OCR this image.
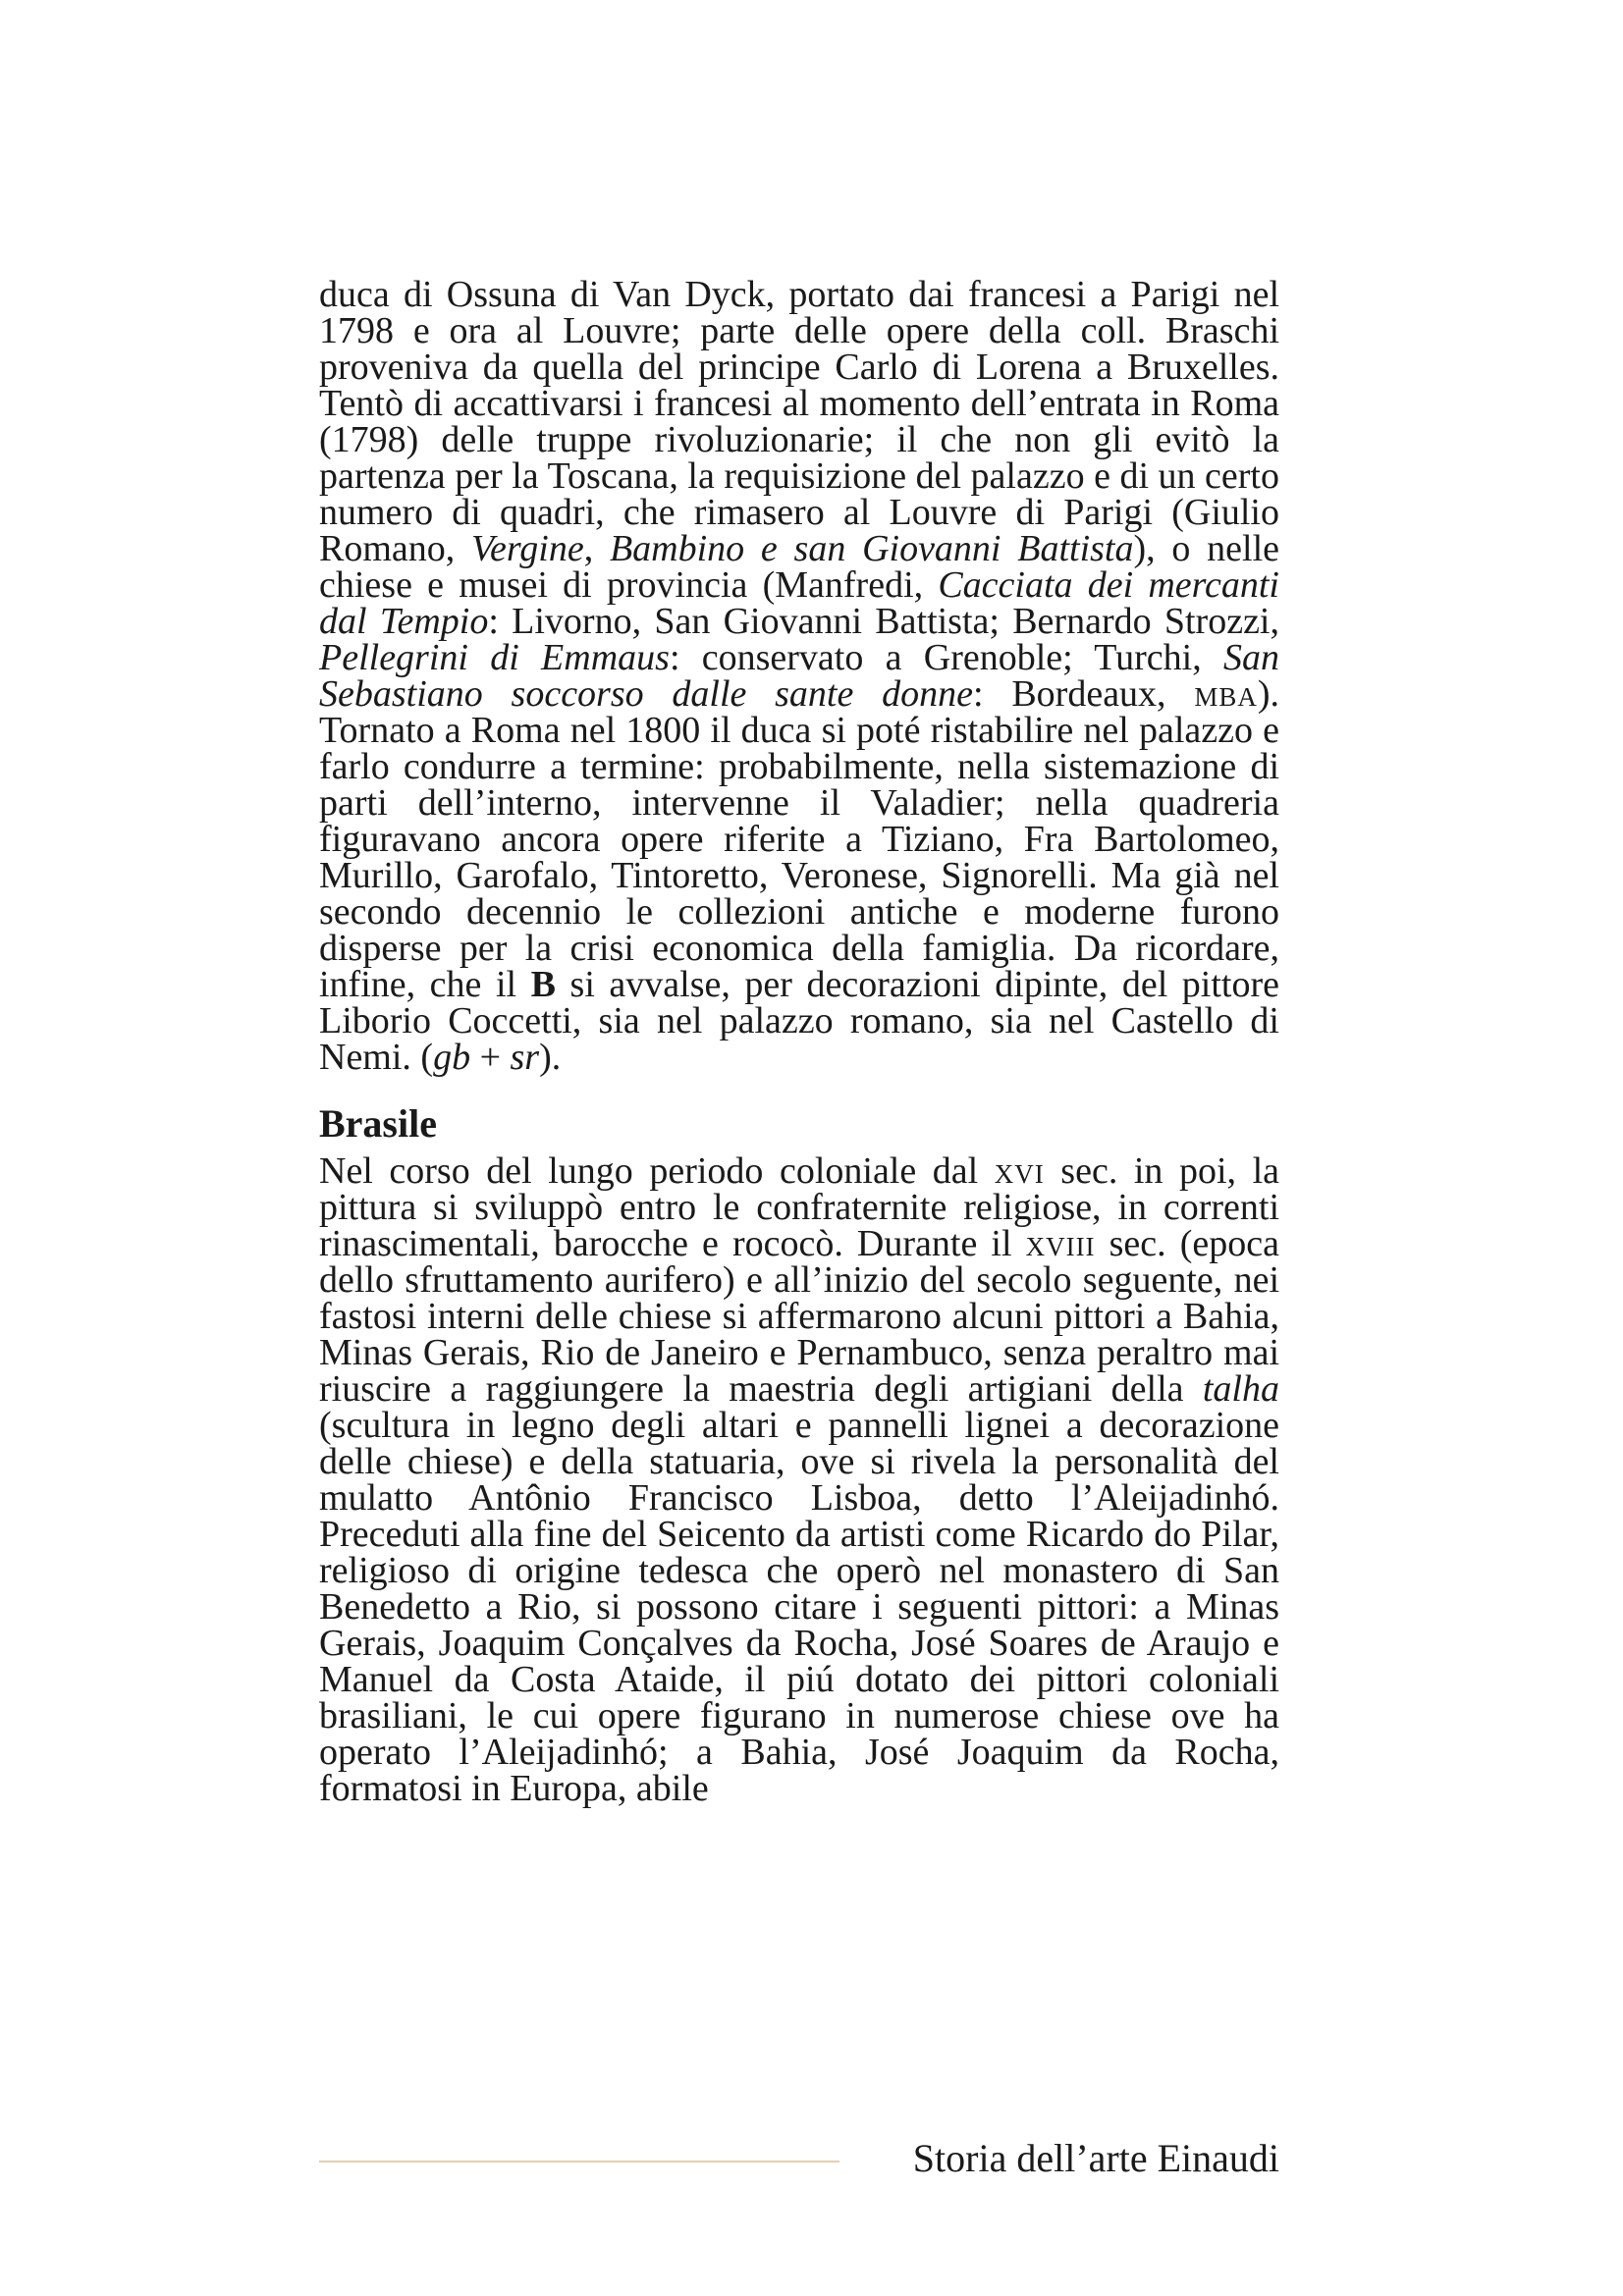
duca di Ossuna di Van Dyck, portato dai francesi a Parigi nel 1798 e ora al Louvre; parte delle opere della coll. Braschi proveniva da quella del principe Carlo di Lorena a Bruxelles. Tentò di accattivarsi i francesi al momento dell’entrata in Roma (1798) delle truppe rivoluzionarie; il che non gli evitò la partenza per la Toscana, la requisizione del palazzo e di un certo numero di quadri, che rimasero al Louvre di Parigi (Giulio Romano, Vergine, Bambino e san Giovanni Battista), o nelle chiese e musei di provincia (Manfredi, Cacciata dei mercanti dal Tempio: Livorno, San Giovanni Battista; Bernardo Strozzi, Pellegrini di Emmaus: conservato a Grenoble; Turchi, San Sebastiano soccorso dalle sante donne: Bordeaux, mba). Tornato a Roma nel 1800 il duca si poté ristabilire nel palazzo e farlo condurre a termine: probabilmente, nella sistemazione di parti dell’interno, intervenne il Valadier; nella quadreria figuravano ancora opere riferite a Tiziano, Fra Bartolomeo, Murillo, Garofalo, Tintoretto, Veronese, Signorelli. Ma già nel secondo decennio le collezioni antiche e moderne furono disperse per la crisi economica della famiglia. Da ricordare, infine, che il B si avvalse, per decorazioni dipinte, del pittore Liborio Coccetti, sia nel palazzo romano, sia nel Castello di Nemi. (gb + sr).

Brasile

Nel corso del lungo periodo coloniale dal xvi sec. in poi, la pittura si sviluppò entro le confraternite religiose, in correnti rinascimentali, barocche e rococò. Durante il xviii sec. (epoca dello sfruttamento aurifero) e all’inizio del secolo seguente, nei fastosi interni delle chiese si affermarono alcuni pittori a Bahia, Minas Gerais, Rio de Janeiro e Pernambuco, senza peraltro mai riuscire a raggiungere la maestria degli artigiani della talha (scultura in legno degli altari e pannelli lignei a decorazione delle chiese) e della statuaria, ove si rivela la personalità del mulatto Antônio Francisco Lisboa, detto l’Aleijadinhó. Preceduti alla fine del Seicento da artisti come Ricardo do Pilar, religioso di origine tedesca che operò nel monastero di San Benedetto a Rio, si possono citare i seguenti pittori: a Minas Gerais, Joaquim Conçalves da Rocha, José Soares de Araujo e Manuel da Costa Ataide, il piú dotato dei pittori coloniali brasiliani, le cui opere figurano in numerose chiese ove ha operato l’Aleijadinhó; a Bahia, José Joaquim da Rocha, formatosi in Europa, abile

Storia dell’arte Einaudi
